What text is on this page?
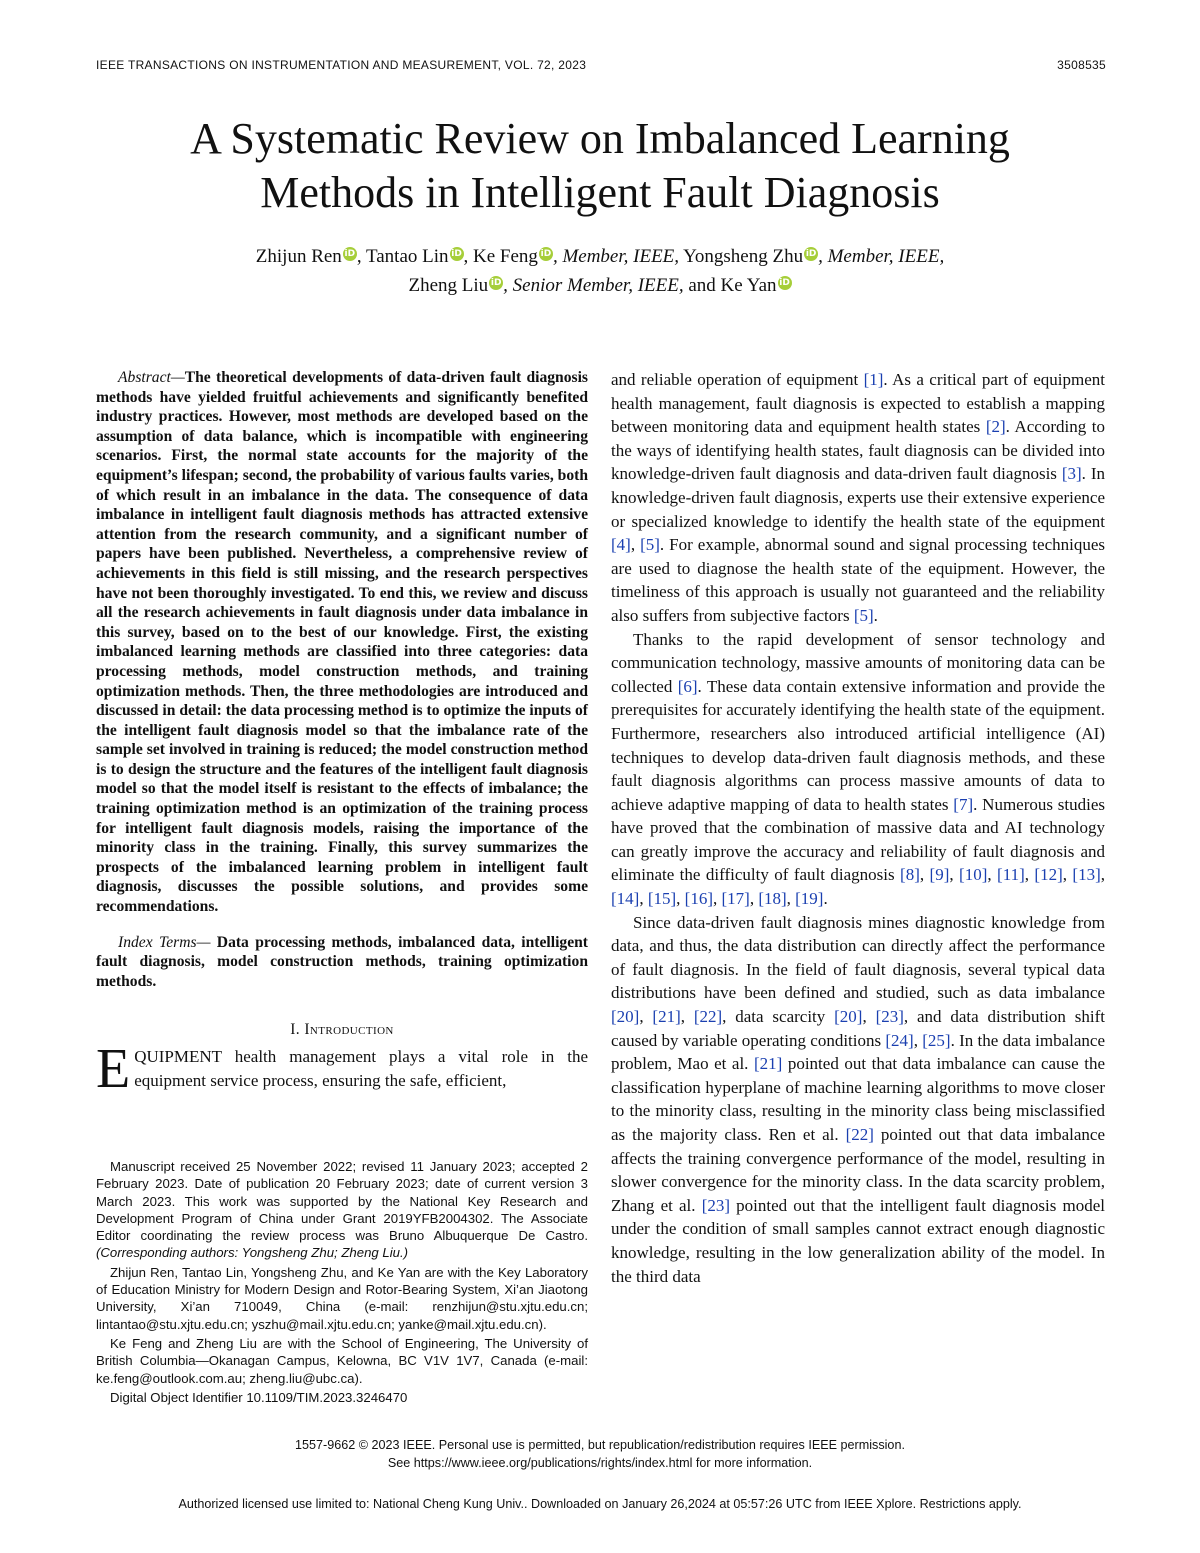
IEEE TRANSACTIONS ON INSTRUMENTATION AND MEASUREMENT, VOL. 72, 2023	3508535
A Systematic Review on Imbalanced Learning
Methods in Intelligent Fault Diagnosis
Zhijun Ren iD, Tantao Lin iD, Ke Feng iD, Member, IEEE, Yongsheng Zhu iD, Member, IEEE,
Zheng Liu iD, Senior Member, IEEE, and Ke Yan iD

Abstract—The theoretical developments of data-driven fault diagnosis methods have yielded fruitful achievements and significantly benefited industry practices. However, most methods are developed based on the assumption of data balance, which is incompatible with engineering scenarios. First, the normal state accounts for the majority of the equipment’s lifespan; second, the probability of various faults varies, both of which result in an imbalance in the data. The consequence of data imbalance in intelligent fault diagnosis methods has attracted extensive attention from the research community, and a significant number of papers have been published. Nevertheless, a comprehensive review of achievements in this field is still missing, and the research perspectives have not been thoroughly investigated. To end this, we review and discuss all the research achievements in fault diagnosis under data imbalance in this survey, based on to the best of our knowledge. First, the existing imbalanced learning methods are classified into three categories: data processing methods, model construction methods, and training optimization methods. Then, the three methodologies are introduced and discussed in detail: the data processing method is to optimize the inputs of the intelligent fault diagnosis model so that the imbalance rate of the sample set involved in training is reduced; the model construction method is to design the structure and the features of the intelligent fault diagnosis model so that the model itself is resistant to the effects of imbalance; the training optimization method is an optimization of the training process for intelligent fault diagnosis models, raising the importance of the minority class in the training. Finally, this survey summarizes the prospects of the imbalanced learning problem in intelligent fault diagnosis, discusses the possible solutions, and provides some recommendations.

Index Terms— Data processing methods, imbalanced data, intelligent fault diagnosis, model construction methods, training optimization methods.

I. Introduction

EQUIPMENT health management plays a vital role in the equipment service process, ensuring the safe, efficient,

and reliable operation of equipment [1]. As a critical part of equipment health management, fault diagnosis is expected to establish a mapping between monitoring data and equipment health states [2]. According to the ways of identifying health states, fault diagnosis can be divided into knowledge-driven fault diagnosis and data-driven fault diagnosis [3]. In knowledge-driven fault diagnosis, experts use their extensive experience or specialized knowledge to identify the health state of the equipment [4], [5]. For example, abnormal sound and signal processing techniques are used to diagnose the health state of the equipment. However, the timeliness of this approach is usually not guaranteed and the reliability also suffers from subjective factors [5].

Thanks to the rapid development of sensor technology and communication technology, massive amounts of monitoring data can be collected [6]. These data contain extensive information and provide the prerequisites for accurately identifying the health state of the equipment. Furthermore, researchers also introduced artificial intelligence (AI) techniques to develop data-driven fault diagnosis methods, and these fault diagnosis algorithms can process massive amounts of data to achieve adaptive mapping of data to health states [7]. Numerous studies have proved that the combination of massive data and AI technology can greatly improve the accuracy and reliability of fault diagnosis and eliminate the difficulty of fault diagnosis [8], [9], [10], [11], [12], [13], [14], [15], [16], [17], [18], [19].

Since data-driven fault diagnosis mines diagnostic knowledge from data, and thus, the data distribution can directly affect the performance of fault diagnosis. In the field of fault diagnosis, several typical data distributions have been defined and studied, such as data imbalance [20], [21], [22], data scarcity [20], [23], and data distribution shift caused by variable operating conditions [24], [25]. In the data imbalance problem, Mao et al. [21] pointed out that data imbalance can cause the classification hyperplane of machine learning algorithms to move closer to the minority class, resulting in the minority class being misclassified as the majority class. Ren et al. [22] pointed out that data imbalance affects the training convergence performance of the model, resulting in slower convergence for the minority class. In the data scarcity problem, Zhang et al. [23] pointed out that the intelligent fault diagnosis model under the condition of small samples cannot extract enough diagnostic knowledge, resulting in the low generalization ability of the model. In the third data

Manuscript received 25 November 2022; revised 11 January 2023; accepted 2 February 2023. Date of publication 20 February 2023; date of current version 3 March 2023. This work was supported by the National Key Research and Development Program of China under Grant 2019YFB2004302. The Associate Editor coordinating the review process was Bruno Albuquerque De Castro. (Corresponding authors: Yongsheng Zhu; Zheng Liu.)

Zhijun Ren, Tantao Lin, Yongsheng Zhu, and Ke Yan are with the Key Laboratory of Education Ministry for Modern Design and Rotor-Bearing System, Xi’an Jiaotong University, Xi’an 710049, China (e-mail: renzhijun@stu.xjtu.edu.cn; lintantao@stu.xjtu.edu.cn; yszhu@mail.xjtu.edu.cn; yanke@mail.xjtu.edu.cn).

Ke Feng and Zheng Liu are with the School of Engineering, The University of British Columbia—Okanagan Campus, Kelowna, BC V1V 1V7, Canada (e-mail: ke.feng@outlook.com.au; zheng.liu@ubc.ca).

Digital Object Identifier 10.1109/TIM.2023.3246470

1557-9662 © 2023 IEEE. Personal use is permitted, but republication/redistribution requires IEEE permission.
See https://www.ieee.org/publications/rights/index.html for more information.
Authorized licensed use limited to: National Cheng Kung Univ.. Downloaded on January 26,2024 at 05:57:26 UTC from IEEE Xplore. Restrictions apply.
